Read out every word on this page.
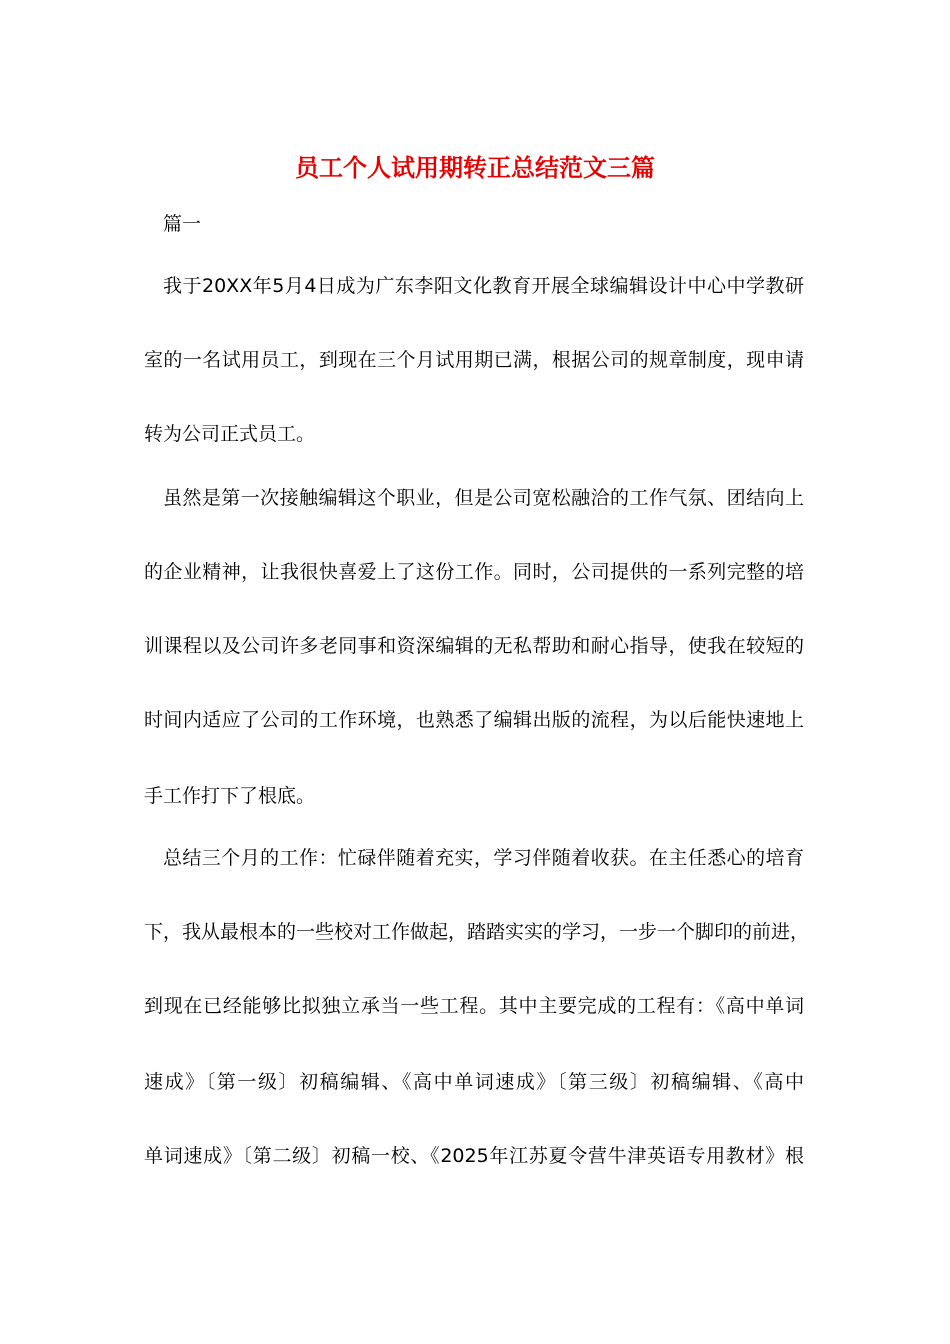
员工个人试用期转正总结范文三篇
篇一
我于20XX年5月4日成为广东李阳文化教育开展全球编辑设计中心中学教研
室的一名试用员工，到现在三个月试用期已满，根据公司的规章制度，现申请
转为公司正式员工。
虽然是第一次接触编辑这个职业，但是公司宽松融洽的工作气氛、团结向上
的企业精神，让我很快喜爱上了这份工作。同时，公司提供的一系列完整的培
训课程以及公司许多老同事和资深编辑的无私帮助和耐心指导，使我在较短的
时间内适应了公司的工作环境，也熟悉了编辑出版的流程，为以后能快速地上
手工作打下了根底。
总结三个月的工作：忙碌伴随着充实，学习伴随着收获。在主任悉心的培育
下，我从最根本的一些校对工作做起，踏踏实实的学习，一步一个脚印的前进，
到现在已经能够比拟独立承当一些工程。其中主要完成的工程有：《高中单词
速成》〔第一级〕初稿编辑、《高中单词速成》〔第三级〕初稿编辑、《高中
单词速成》〔第二级〕初稿一校、《2025年江苏夏令营牛津英语专用教材》根
